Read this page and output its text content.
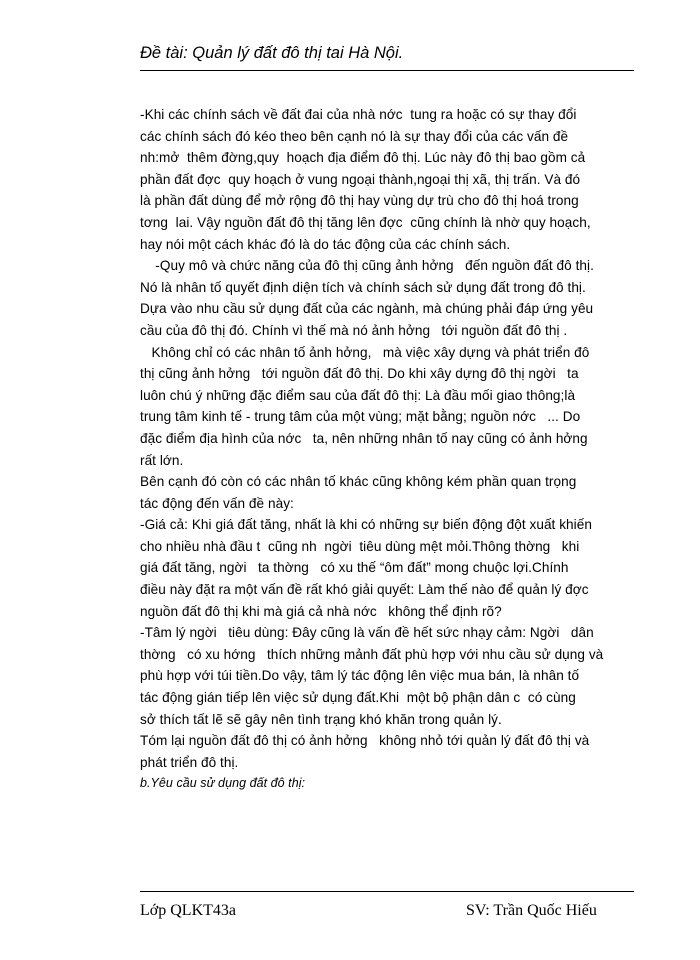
Đề tài: Quản lý đất đô thị tai Hà Nội.
-Khi các chính sách về đất đai của nhà nớc  tung ra hoặc có sự thay đổi
các chính sách đó kéo theo bên cạnh nó là sự thay đổi của các vấn đề
nh:mở  thêm đờng,quy  hoạch địa điểm đô thị. Lúc này đô thị bao gồm cả
phần đất đợc  quy hoạch ở vung ngoại thành,ngoại thị xã, thị trấn. Và đó
là phần đất dùng để mở rộng đô thị hay vùng dự trù cho đô thị hoá trong
tơng  lai. Vậy nguồn đất đô thị tăng lên đợc  cũng chính là nhờ quy hoạch,
hay nói một cách khác đó là do tác động của các chính sách.
-Quy mô và chức năng của đô thị cũng ảnh hởng   đến nguồn đất đô thị.
Nó là nhân tố quyết định diện tích và chính sách sử dụng đất trong đô thị.
Dựa vào nhu cầu sử dụng đất của các ngành, mà chúng phải đáp ứng yêu
cầu của đô thị đó. Chính vì thế mà nó ảnh hởng   tới nguồn đất đô thị .
Không chỉ có các nhân tố ảnh hởng,   mà việc xây dựng và phát triển đô
thị cũng ảnh hởng   tới nguồn đất đô thị. Do khi xây dựng đô thị ngời   ta
luôn chú ý những đặc điểm sau của đất đô thị: Là đầu mối giao thông;là
trung tâm kinh tế - trung tâm của một vùng; mặt bằng; nguồn nớc   ... Do
đặc điểm địa hình của nớc   ta, nên những nhân tố nay cũng có ảnh hởng
rất lớn.
Bên cạnh đó còn có các nhân tố khác cũng không kém phần quan trọng
tác động đến vấn đề này:
-Giá cả: Khi giá đất tăng, nhất là khi có những sự biến động đột xuất khiến
cho nhiều nhà đầu t  cũng nh  ngời  tiêu dùng mệt mỏi.Thông thờng   khi
giá đất tăng, ngời   ta thờng   có xu thế “ôm đất” mong chuộc lợi.Chính
điều này đặt ra một vấn đề rất khó giải quyết: Làm thế nào để quản lý đợc
nguồn đất đô thị khi mà giá cả nhà nớc   không thể định rõ?
-Tâm lý ngời   tiêu dùng: Đây cũng là vấn đề hết sức nhạy cảm: Ngời   dân
thờng   có xu hớng   thích những mảnh đất phù hợp với nhu cầu sử dụng và
phù hợp với túi tiền.Do vậy, tâm lý tác động lên việc mua bán, là nhân tố
tác động gián tiếp lên việc sử dụng đất.Khi  một bộ phận dân c  có cùng
sở thích tất lẽ sẽ gây nên tình trạng khó khăn trong quản lý.
Tóm lại nguồn đất đô thị có ảnh hởng   không nhỏ tới quản lý đất đô thị và
phát triển đô thị.
b.Yêu cầu sử dụng đất đô thị:
Lớp QLKT43a	SV: Trần Quốc Hiếu
